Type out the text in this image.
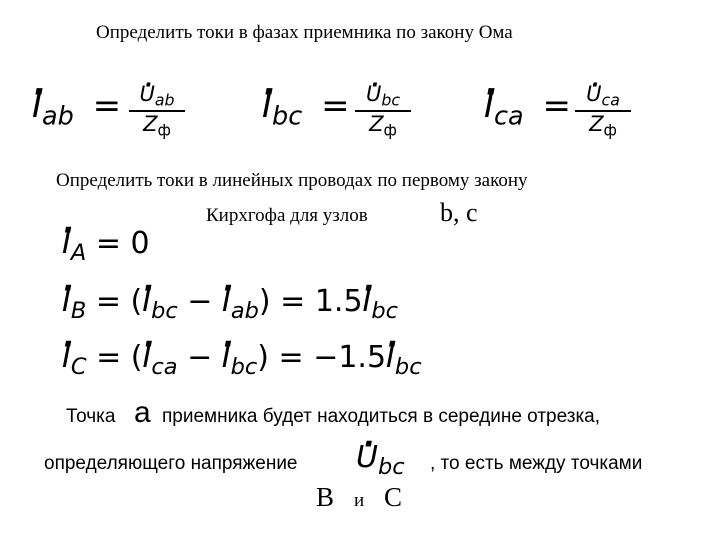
Определить токи в фазах приемника по закону Ома
· $I_{ab}$ = · $U_{ab}$
$Z_ф$
· $I_{bc}$ = · $U_{bc}$
$Z_ф$
· $I_{ca}$ = · $U_{ca}$
$Z_ф$
Определить токи в линейных проводах по первому закону
Кирхгофа для узлов	b, c
· $I_A = 0$
· $I_B$ = (· $I_{bc}$ − · $I_{ab}) = 1.5\cdot I_{bc}$
· $I_C$ = (· $I_{ca}$ − · $I_{bc}) = -1.5\cdot I_{bc}$
Точка a приемника будет находиться в середине отрезка,
определяющего напряжение · $U_{bc}$ , то есть между точками
B и C
